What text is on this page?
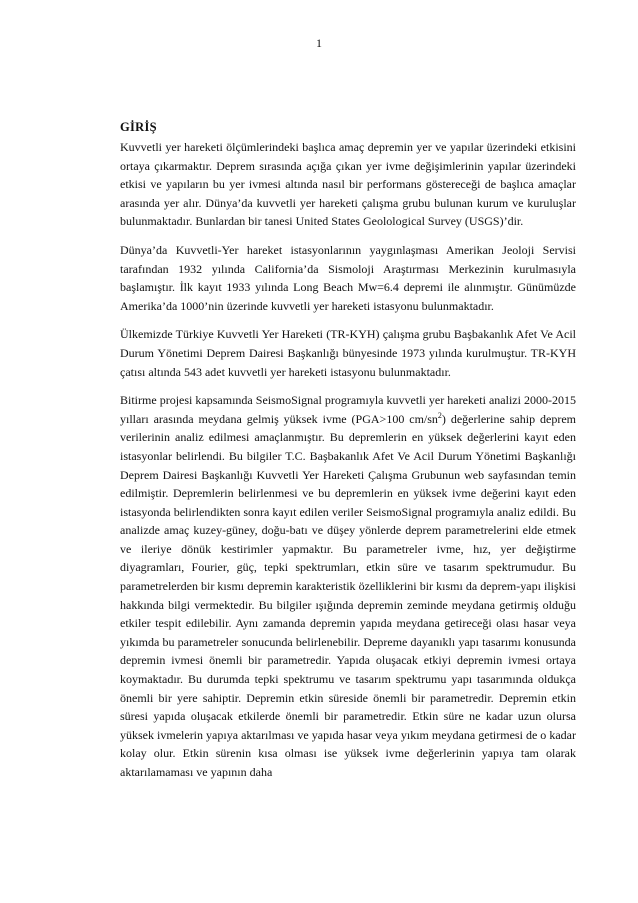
1
GİRİŞ

Kuvvetli yer hareketi ölçümlerindeki başlıca amaç depremin yer ve yapılar üzerindeki etkisini ortaya çıkarmaktır. Deprem sırasında açığa çıkan yer ivme değişimlerinin yapılar üzerindeki etkisi ve yapıların bu yer ivmesi altında nasıl bir performans göstereceği de başlıca amaçlar arasında yer alır. Dünya’da kuvvetli yer hareketi çalışma grubu bulunan kurum ve kuruluşlar bulunmaktadır. Bunlardan bir tanesi United States Geolological Survey (USGS)’dir.

Dünya’da Kuvvetli-Yer hareket istasyonlarının yaygınlaşması Amerikan Jeoloji Servisi tarafından 1932 yılında California’da Sismoloji Araştırması Merkezinin kurulmasıyla başlamıştır. İlk kayıt 1933 yılında Long Beach Mw=6.4 depremi ile alınmıştır. Günümüzde Amerika’da 1000’nin üzerinde kuvvetli yer hareketi istasyonu bulunmaktadır.

Ülkemizde Türkiye Kuvvetli Yer Hareketi (TR-KYH) çalışma grubu Başbakanlık Afet Ve Acil Durum Yönetimi Deprem Dairesi Başkanlığı bünyesinde 1973 yılında kurulmuştur. TR-KYH çatısı altında 543 adet kuvvetli yer hareketi istasyonu bulunmaktadır.

Bitirme projesi kapsamında SeismoSignal programıyla kuvvetli yer hareketi analizi 2000-2015 yılları arasında meydana gelmiş yüksek ivme (PGA>100 $cm/sn^2$) değerlerine sahip deprem verilerinin analiz edilmesi amaçlanmıştır. Bu depremlerin en yüksek değerlerini kayıt eden istasyonlar belirlendi. Bu bilgiler T.C. Başbakanlık Afet Ve Acil Durum Yönetimi Başkanlığı Deprem Dairesi Başkanlığı Kuvvetli Yer Hareketi Çalışma Grubunun web sayfasından temin edilmiştir. Depremlerin belirlenmesi ve bu depremlerin en yüksek ivme değerini kayıt eden istasyonda belirlendikten sonra kayıt edilen veriler SeismoSignal programıyla analiz edildi. Bu analizde amaç kuzey-güney, doğu-batı ve düşey yönlerde deprem parametrelerini elde etmek ve ileriye dönük kestirimler yapmaktır. Bu parametreler ivme, hız, yer değiştirme diyagramları, Fourier, güç, tepki spektrumları, etkin süre ve tasarım spektrumudur. Bu parametrelerden bir kısmı depremin karakteristik özelliklerini bir kısmı da deprem-yapı ilişkisi hakkında bilgi vermektedir. Bu bilgiler ışığında depremin zeminde meydana getirmiş olduğu etkiler tespit edilebilir. Aynı zamanda depremin yapıda meydana getireceği olası hasar veya yıkımda bu parametreler sonucunda belirlenebilir. Depreme dayanıklı yapı tasarımı konusunda depremin ivmesi önemli bir parametredir. Yapıda oluşacak etkiyi depremin ivmesi ortaya koymaktadır. Bu durumda tepki spektrumu ve tasarım spektrumu yapı tasarımında oldukça önemli bir yere sahiptir. Depremin etkin süreside önemli bir parametredir. Depremin etkin süresi yapıda oluşacak etkilerde önemli bir parametredir. Etkin süre ne kadar uzun olursa yüksek ivmelerin yapıya aktarılması ve yapıda hasar veya yıkım meydana getirmesi de o kadar kolay olur. Etkin sürenin kısa olması ise yüksek ivme değerlerinin yapıya tam olarak aktarılamaması ve yapının daha
